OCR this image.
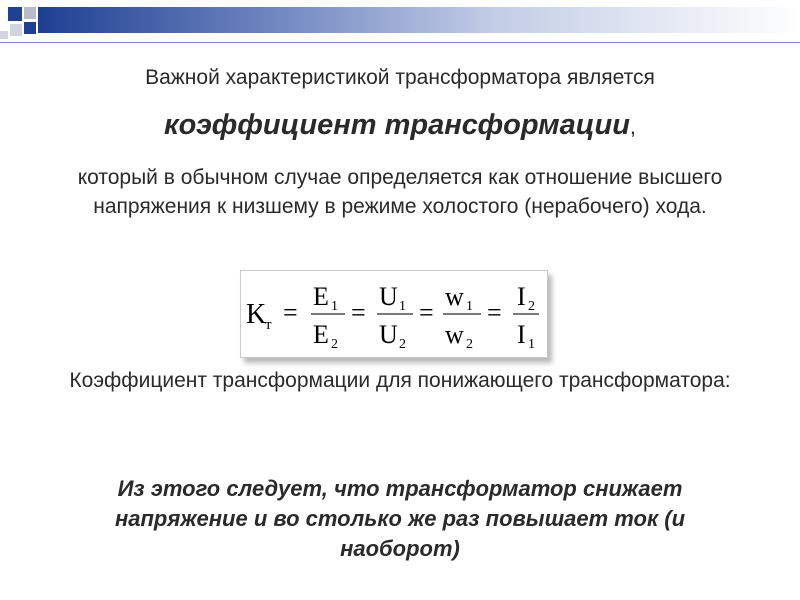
Важной характеристикой трансформатора является
коэффициент трансформации,
который в обычном случае определяется как отношение высшего напряжения к низшему в режиме холостого (нерабочего) хода.
K
т =
E 1
E 2
=
U 1
U 2
=
w 1
w 2
=
I 2
I 1
Коэффициент трансформации для понижающего трансформатора:
Из этого следует, что трансформатор снижает напряжение и во столько же раз повышает ток (и наоборот)
